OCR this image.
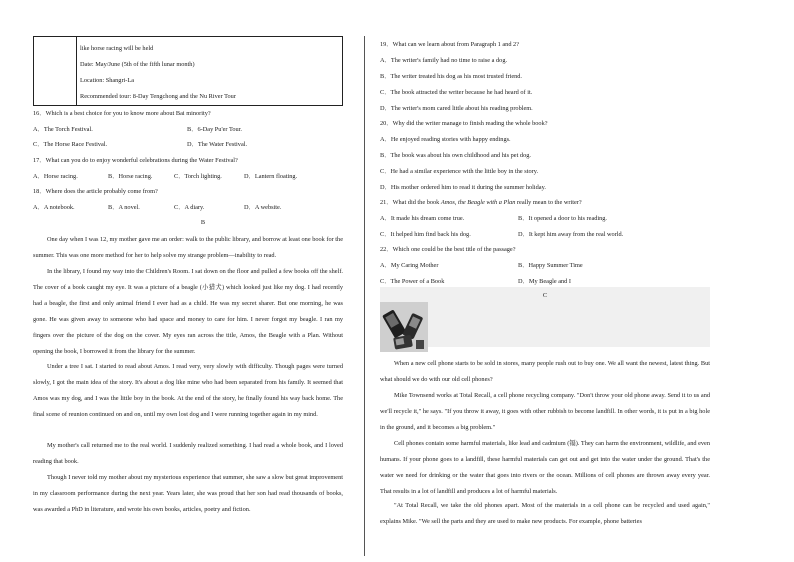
like horse racing will be held
Date: May/June (5th of the fifth lunar month)
Location: Shangri-La
Recommended tour: 8-Day Tengchong and the Nu River Tour
16．Which is a best choice for you to know more about Bai minority?
A．The Torch Festival.	B．6-Day Pu'er Tour.
C．The Horse Race Festival.	D．The Water Festival.
17．What can you do to enjoy wonderful celebrations during the Water Festival?
A．Horse racing.	B．Horse racing.	C．Torch lighting.	D．Lantern floating.
18．Where does the article probably come from?
A．A notebook.	B．A novel.	C．A diary.	D．A website.
B
One day when I was 12, my mother gave me an order: walk to the public library, and borrow at least one book for the summer. This was one more method for her to help solve my strange problem—inability to read.
In the library, I found my way into the Children's Room. I sat down on the floor and pulled a few books off the shelf. The cover of a book caught my eye. It was a picture of a beagle (小猎犬) which looked just like my dog. I had recently had a beagle, the first and only animal friend I ever had as a child. He was my secret sharer. But one morning, he was gone. He was given away to someone who had space and money to care for him. I never forgot my beagle. I ran my fingers over the picture of the dog on the cover. My eyes ran across the title, Amos, the Beagle with a Plan. Without opening the book, I borrowed it from the library for the summer.
Under a tree I sat. I started to read about Amos. I read very, very slowly with difficulty. Though pages were turned slowly, I got the main idea of the story. It's about a dog like mine who had been separated from his family. It seemed that Amos was my dog, and I was the little boy in the book. At the end of the story, he finally found his way back home. The final scene of reunion continued on and on, until my own lost dog and I were running together again in my mind.
My mother's call returned me to the real world. I suddenly realized something. I had read a whole book, and I loved reading that book.
Though I never told my mother about my mysterious experience that summer, she saw a slow but great improvement in my classroom performance during the next year. Years later, she was proud that her son had read thousands of books, was awarded a PhD in literature, and wrote his own books, articles, poetry and fiction.
19．What can we learn about from Paragraph 1 and 2?
A．The writer's family had no time to raise a dog.
B．The writer treated his dog as his most trusted friend.
C．The book attracted the writer because he had heard of it.
D．The writer's mom cared little about his reading problem.
20．Why did the writer manage to finish reading the whole book?
A．He enjoyed reading stories with happy endings.
B．The book was about his own childhood and his pet dog.
C．He had a similar experience with the little boy in the story.
D．His mother ordered him to read it during the summer holiday.
21．What did the book Amos, the Beagle with a Plan really mean to the writer?
A．It made his dream come true.	B．It opened a door to his reading.
C．It helped him find back his dog.	D．It kept him away from the real world.
22．Which one could be the best title of the passage?
A．My Caring Mother	B．Happy Summer Time
C．The Power of a Book	D．My Beagle and I
C
When a new cell phone starts to be sold in stores, many people rush out to buy one. We all want the newest, latest thing. But what should we do with our old cell phones?
Mike Townsend works at Total Recall, a cell phone recycling company. "Don't throw your old phone away. Send it to us and we'll recycle it," he says. "If you throw it away, it goes with other rubbish to become landfill. In other words, it is put in a big hole in the ground, and it becomes a big problem."
Cell phones contain some harmful materials, like lead and cadmium (镉). They can harm the environment, wildlife, and even humans. If your phone goes to a landfill, these harmful materials can get out and get into the water under the ground. That's the water we need for drinking or the water that goes into rivers or the ocean. Millions of cell phones are thrown away every year. That results in a lot of landfill and produces a lot of harmful materials.
"At Total Recall, we take the old phones apart. Most of the materials in a cell phone can be recycled and used again," explains Mike. "We sell the parts and they are used to make new products. For example, phone batteries
